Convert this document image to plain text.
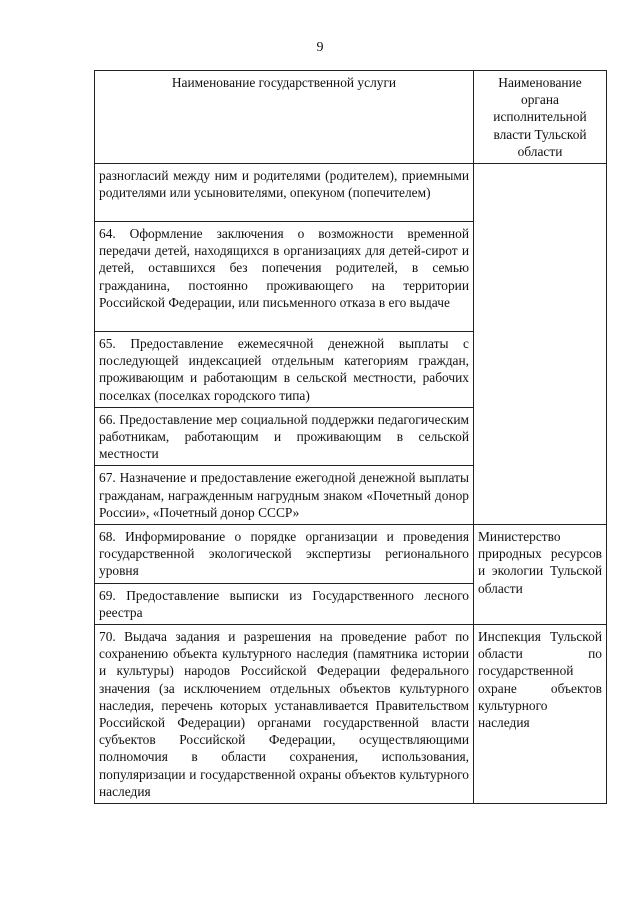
9
Наименование государственной услуги	Наименование органа исполнительной власти Тульской области
разногласий между ним и родителями (родителем), приемными родителями или усыновителями, опекуном (попечителем)	
64. Оформление заключения о возможности временной передачи детей, находящихся в организациях для детей-сирот и детей, оставшихся без попечения родителей, в семью гражданина, постоянно проживающего на территории Российской Федерации, или письменного отказа в его выдаче	
65. Предоставление ежемесячной денежной выплаты с последующей индексацией отдельным категориям граждан, проживающим и работающим в сельской местности, рабочих поселках (поселках городского типа)	
66. Предоставление мер социальной поддержки педагогическим работникам, работающим и проживающим в сельской местности	
67. Назначение и предоставление ежегодной денежной выплаты гражданам, награжденным нагрудным знаком «Почетный донор России», «Почетный донор СССР»	
68. Информирование о порядке организации и проведения государственной экологической экспертизы регионального уровня	Министерство природных ресурсов и экологии Тульской области
69. Предоставление выписки из Государственного лесного реестра	
70. Выдача задания и разрешения на проведение работ по сохранению объекта культурного наследия (памятника истории и культуры) народов Российской Федерации федерального значения (за исключением отдельных объектов культурного наследия, перечень которых устанавливается Правительством Российской Федерации) органами государственной власти субъектов Российской Федерации, осуществляющими полномочия в области сохранения, использования, популяризации и государственной охраны объектов культурного наследия	Инспекция Тульской области по государственной охране объектов культурного наследия
